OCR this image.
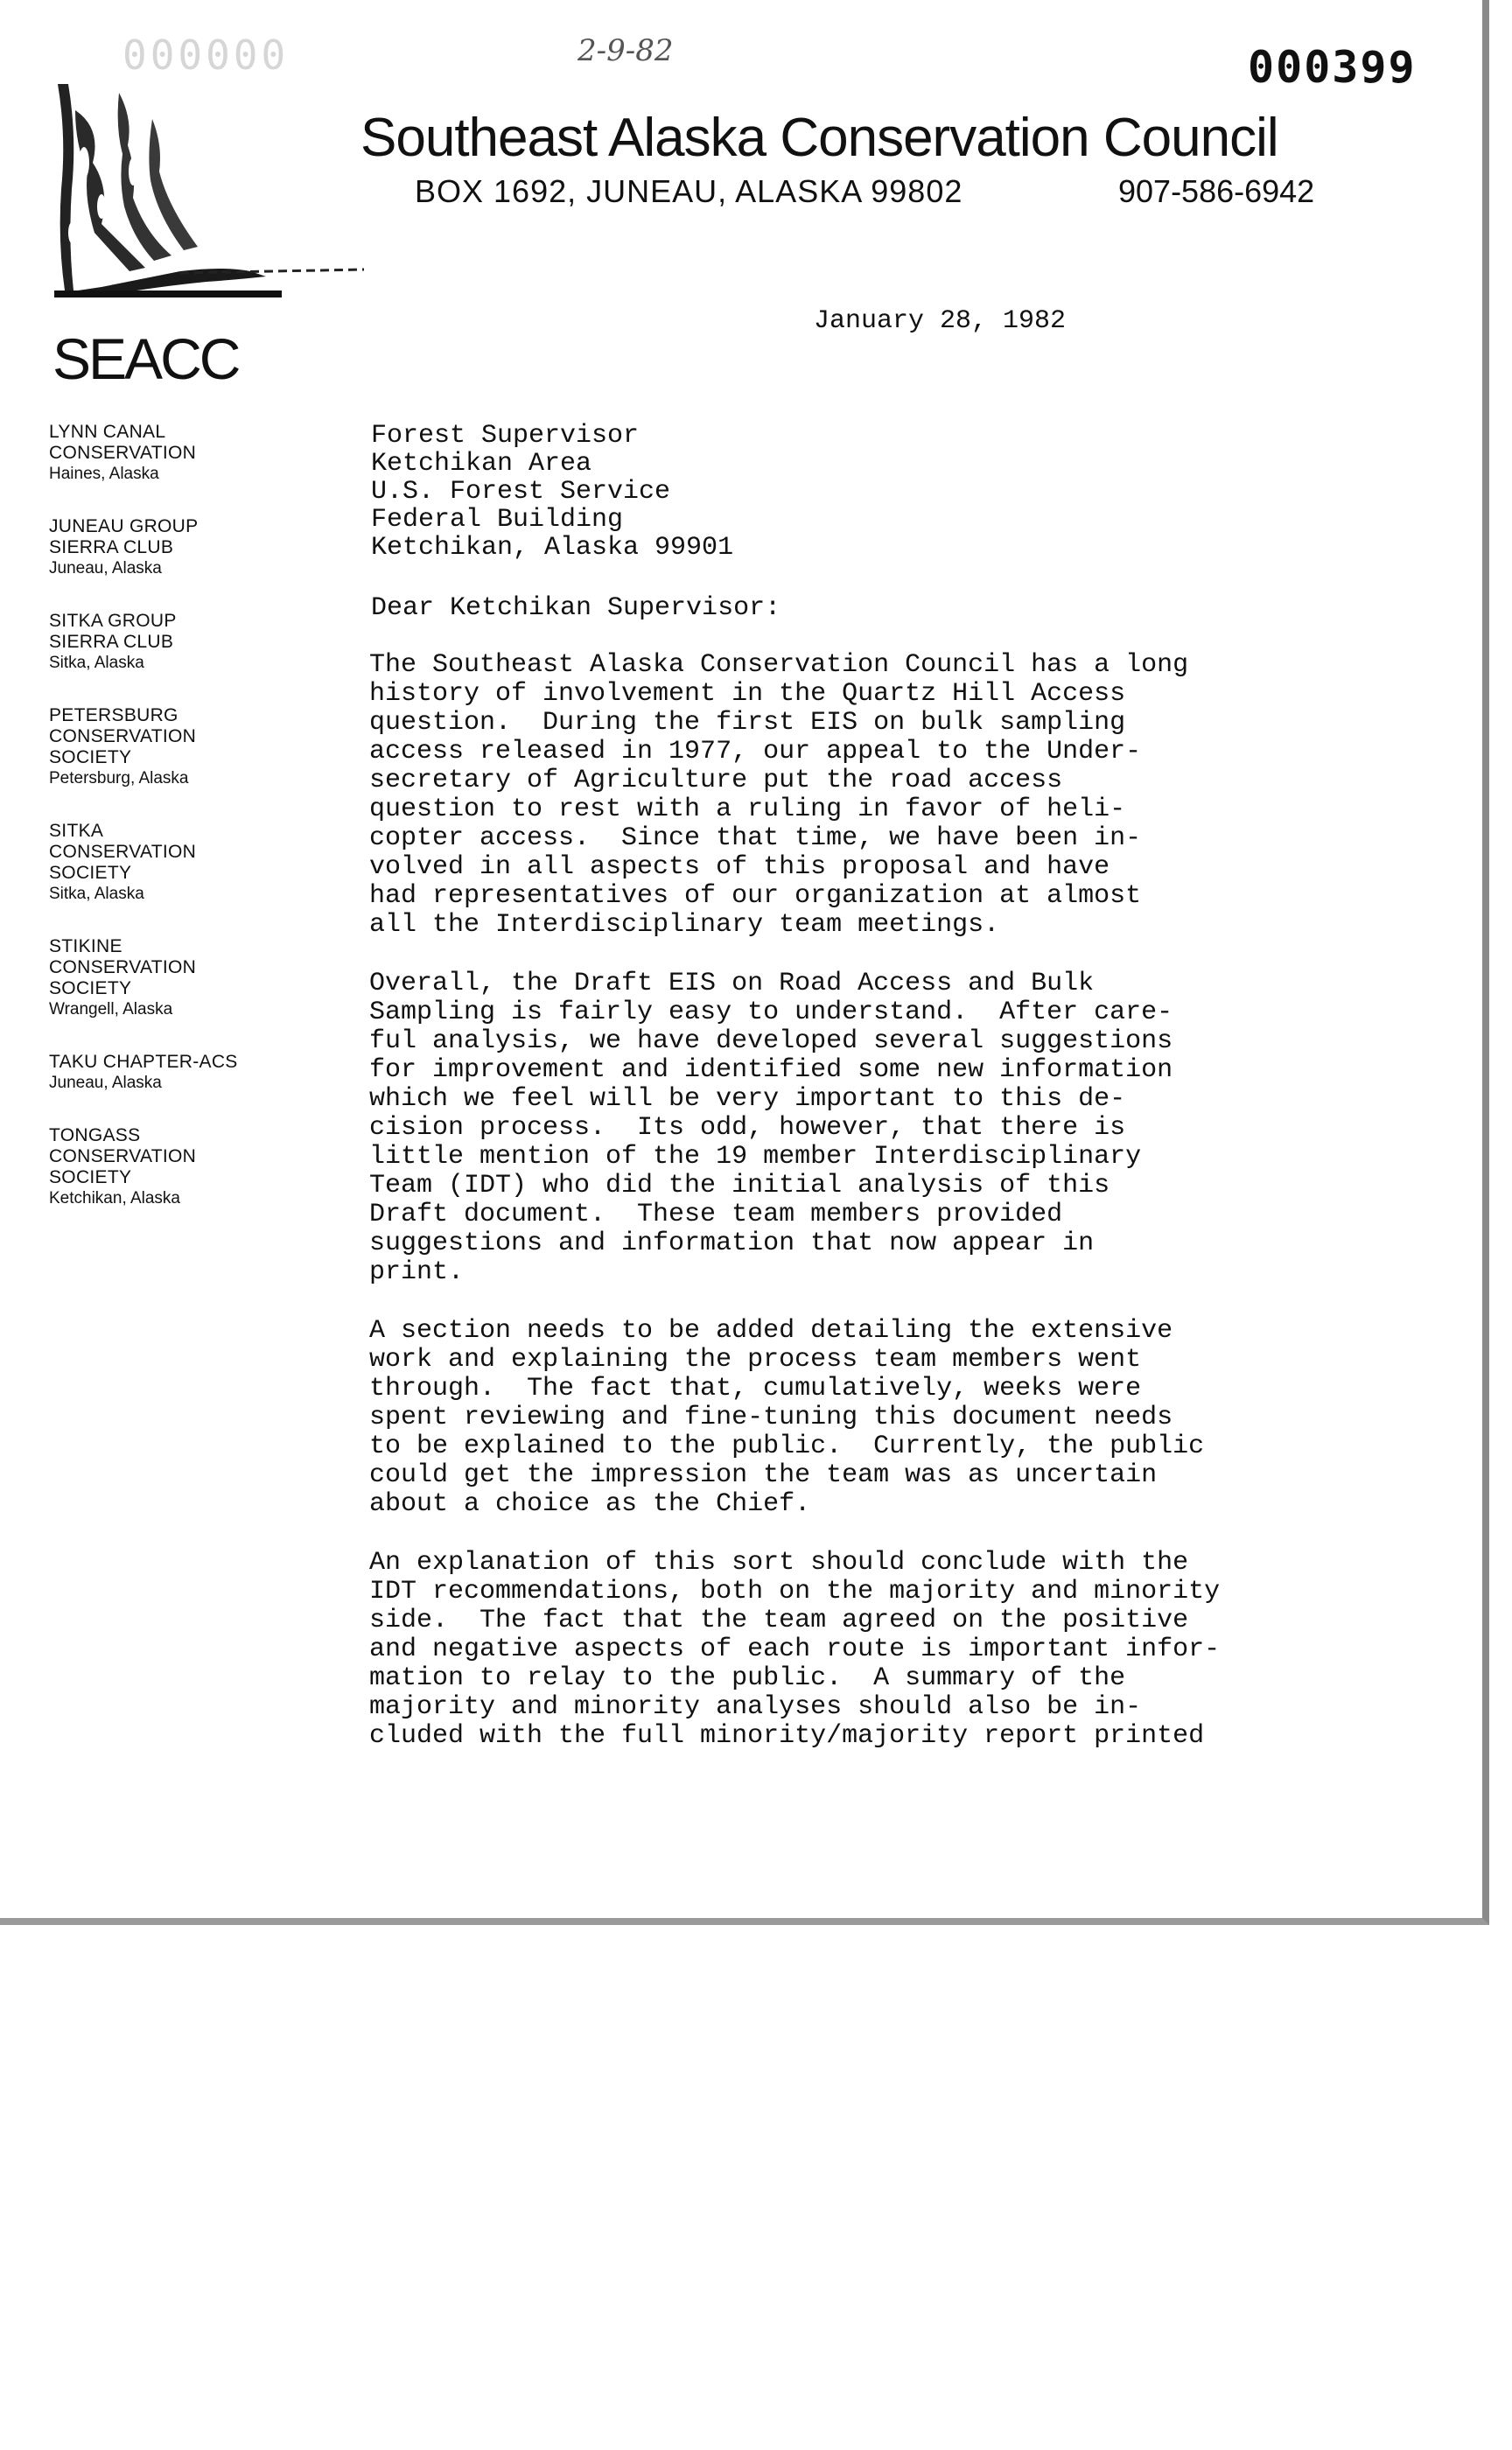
00​0000	2-9-82	000399
SEACC
Southeast Alaska Conservation Council
BOX 1692, JUNEAU, ALASKA 99802	907-586-6942
LYNN CANAL
CONSERVATION
Haines, Alaska
JUNEAU GROUP
SIERRA CLUB
Juneau, Alaska
SITKA GROUP
SIERRA CLUB
Sitka, Alaska
PETERSBURG
CONSERVATION
SOCIETY
Petersburg, Alaska
SITKA
CONSERVATION
SOCIETY
Sitka, Alaska
STIKINE
CONSERVATION
SOCIETY
Wrangell, Alaska
TAKU CHAPTER-ACS
Juneau, Alaska
TONGASS
CONSERVATION
SOCIETY
Ketchikan, Alaska
January 28, 1982
Forest Supervisor
Ketchikan Area
U.S. Forest Service
Federal Building
Ketchikan, Alaska 99901
Dear Ketchikan Supervisor:
The Southeast Alaska Conservation Council has a long
history of involvement in the Quartz Hill Access
question.  During the first EIS on bulk sampling
access released in 1977, our appeal to the Under-
secretary of Agriculture put the road access
question to rest with a ruling in favor of heli-
copter access.  Since that time, we have been in-
volved in all aspects of this proposal and have
had representatives of our organization at almost
all the Interdisciplinary team meetings.
Overall, the Draft EIS on Road Access and Bulk
Sampling is fairly easy to understand.  After care-
ful analysis, we have developed several suggestions
for improvement and identified some new information
which we feel will be very important to this de-
cision process.  Its odd, however, that there is
little mention of the 19 member Interdisciplinary
Team (IDT) who did the initial analysis of this
Draft document.  These team members provided
suggestions and information that now appear in
print.
A section needs to be added detailing the extensive
work and explaining the process team members went
through.  The fact that, cumulatively, weeks were
spent reviewing and fine-tuning this document needs
to be explained to the public.  Currently, the public
could get the impression the team was as uncertain
about a choice as the Chief.
An explanation of this sort should conclude with the
IDT recommendations, both on the majority and minority
side.  The fact that the team agreed on the positive
and negative aspects of each route is important infor-
mation to relay to the public.  A summary of the
majority and minority analyses should also be in-
cluded with the full minority/majority report printed
